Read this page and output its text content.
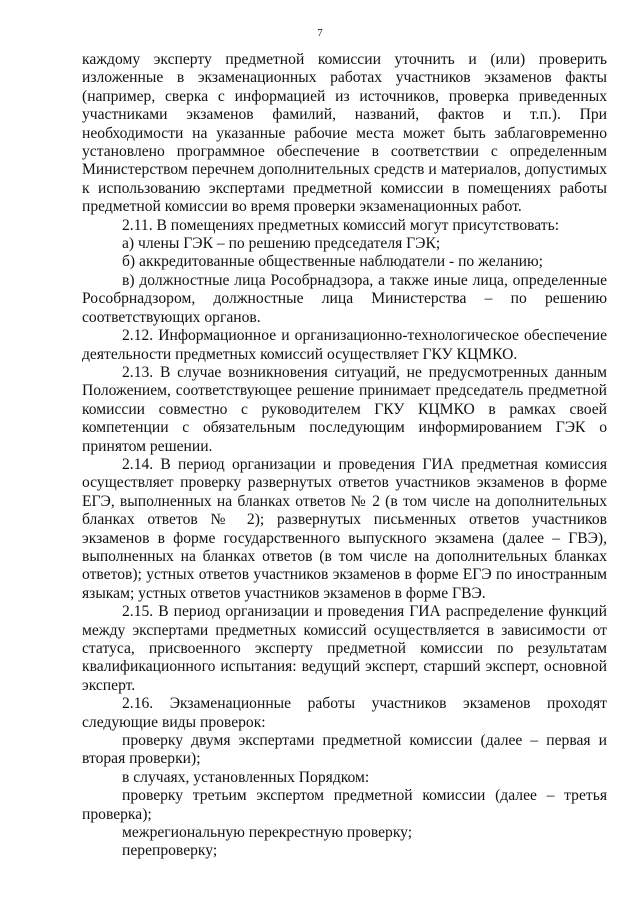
7

каждому эксперту предметной комиссии уточнить и (или) проверить изложенные в экзаменационных работах участников экзаменов факты (например, сверка с информацией из источников, проверка приведенных участниками экзаменов фамилий, названий, фактов и т.п.). При необходимости на указанные рабочие места может быть заблаговременно установлено программное обеспечение в соответствии с определенным Министерством перечнем дополнительных средств и материалов, допустимых к использованию экспертами предметной комиссии в помещениях работы предметной комиссии во время проверки экзаменационных работ.

2.11. В помещениях предметных комиссий могут присутствовать:

а) члены ГЭК – по решению председателя ГЭК;

б) аккредитованные общественные наблюдатели - по желанию;

в) должностные лица Рособрнадзора, а также иные лица, определенные Рособрнадзором, должностные лица Министерства – по решению соответствующих органов.

2.12. Информационное и организационно-технологическое обеспечение деятельности предметных комиссий осуществляет ГКУ КЦМКО.

2.13. В случае возникновения ситуаций, не предусмотренных данным Положением, соответствующее решение принимает председатель предметной комиссии совместно с руководителем ГКУ КЦМКО в рамках своей компетенции с обязательным последующим информированием ГЭК о принятом решении.

2.14. В период организации и проведения ГИА предметная комиссия осуществляет проверку развернутых ответов участников экзаменов в форме ЕГЭ, выполненных на бланках ответов № 2 (в том числе на дополнительных бланках ответов № 2); развернутых письменных ответов участников экзаменов в форме государственного выпускного экзамена (далее – ГВЭ), выполненных на бланках ответов (в том числе на дополнительных бланках ответов); устных ответов участников экзаменов в форме ЕГЭ по иностранным языкам; устных ответов участников экзаменов в форме ГВЭ.

2.15. В период организации и проведения ГИА распределение функций между экспертами предметных комиссий осуществляется в зависимости от статуса, присвоенного эксперту предметной комиссии по результатам квалификационного испытания: ведущий эксперт, старший эксперт, основной эксперт.

2.16. Экзаменационные работы участников экзаменов проходят следующие виды проверок:

проверку двумя экспертами предметной комиссии (далее – первая и вторая проверки);

в случаях, установленных Порядком:

проверку третьим экспертом предметной комиссии (далее – третья проверка);

межрегиональную перекрестную проверку;

перепроверку;
